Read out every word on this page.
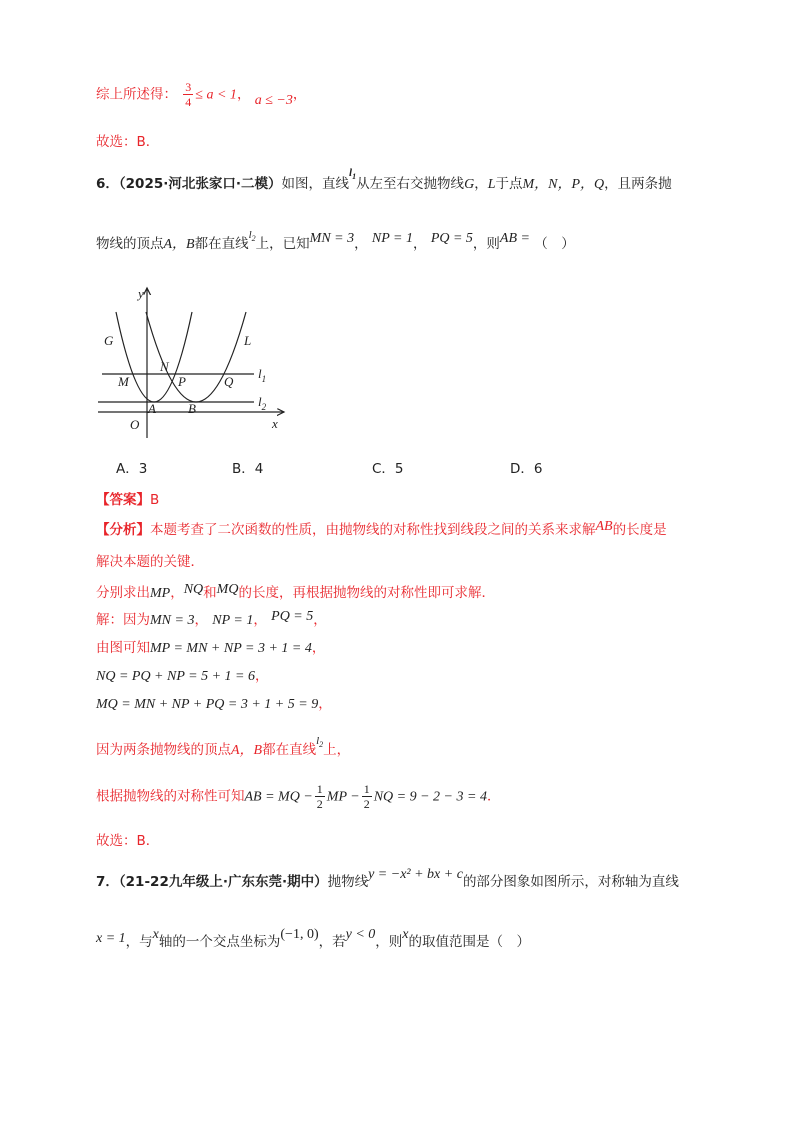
综上所述得： $\frac{3}{4} \le a < 1$， a ≤ −3，
故选：B．
6．（2025·河北张家口·二模）如图，直线$^{l_1}$从左至右交抛物线G，L于点M，N，P，Q，且两条抛
物线的顶点A，B都在直线$^{l_2}$上，已知MN = 3， NP = 1， PQ = 5，则AB = （　）
y
x
O
G	L
N
M	P	Q
A B
$l_1$
$l_2$
A．3	B．4	C．5	D．6
【答案】B
【分析】本题考查了二次函数的性质，由抛物线的对称性找到线段之间的关系来求解AB的长度是
解决本题的关键．
分别求出MP，NQ和MQ的长度，再根据抛物线的对称性即可求解．
解：因为MN = 3， NP = 1， PQ = 5，
由图可知MP = MN + NP = 3 + 1 = 4，
NQ = PQ + NP = 5 + 1 = 6，
MQ = MN + NP + PQ = 3 + 1 + 5 = 9，
因为两条抛物线的顶点A，B都在直线$^{l_2}$上，
根据抛物线的对称性可知AB = MQ − $\frac{1}{2}$ MP − $\frac{1}{2}$ NQ = 9 − 2 − 3 = 4．
故选：B．
7．（21-22九年级上·广东东莞·期中）抛物线y = −x² + bx + c的部分图象如图所示，对称轴为直线
x = 1，与x轴的一个交点坐标为(−1, 0)，若y < 0，则x的取值范围是（　）
